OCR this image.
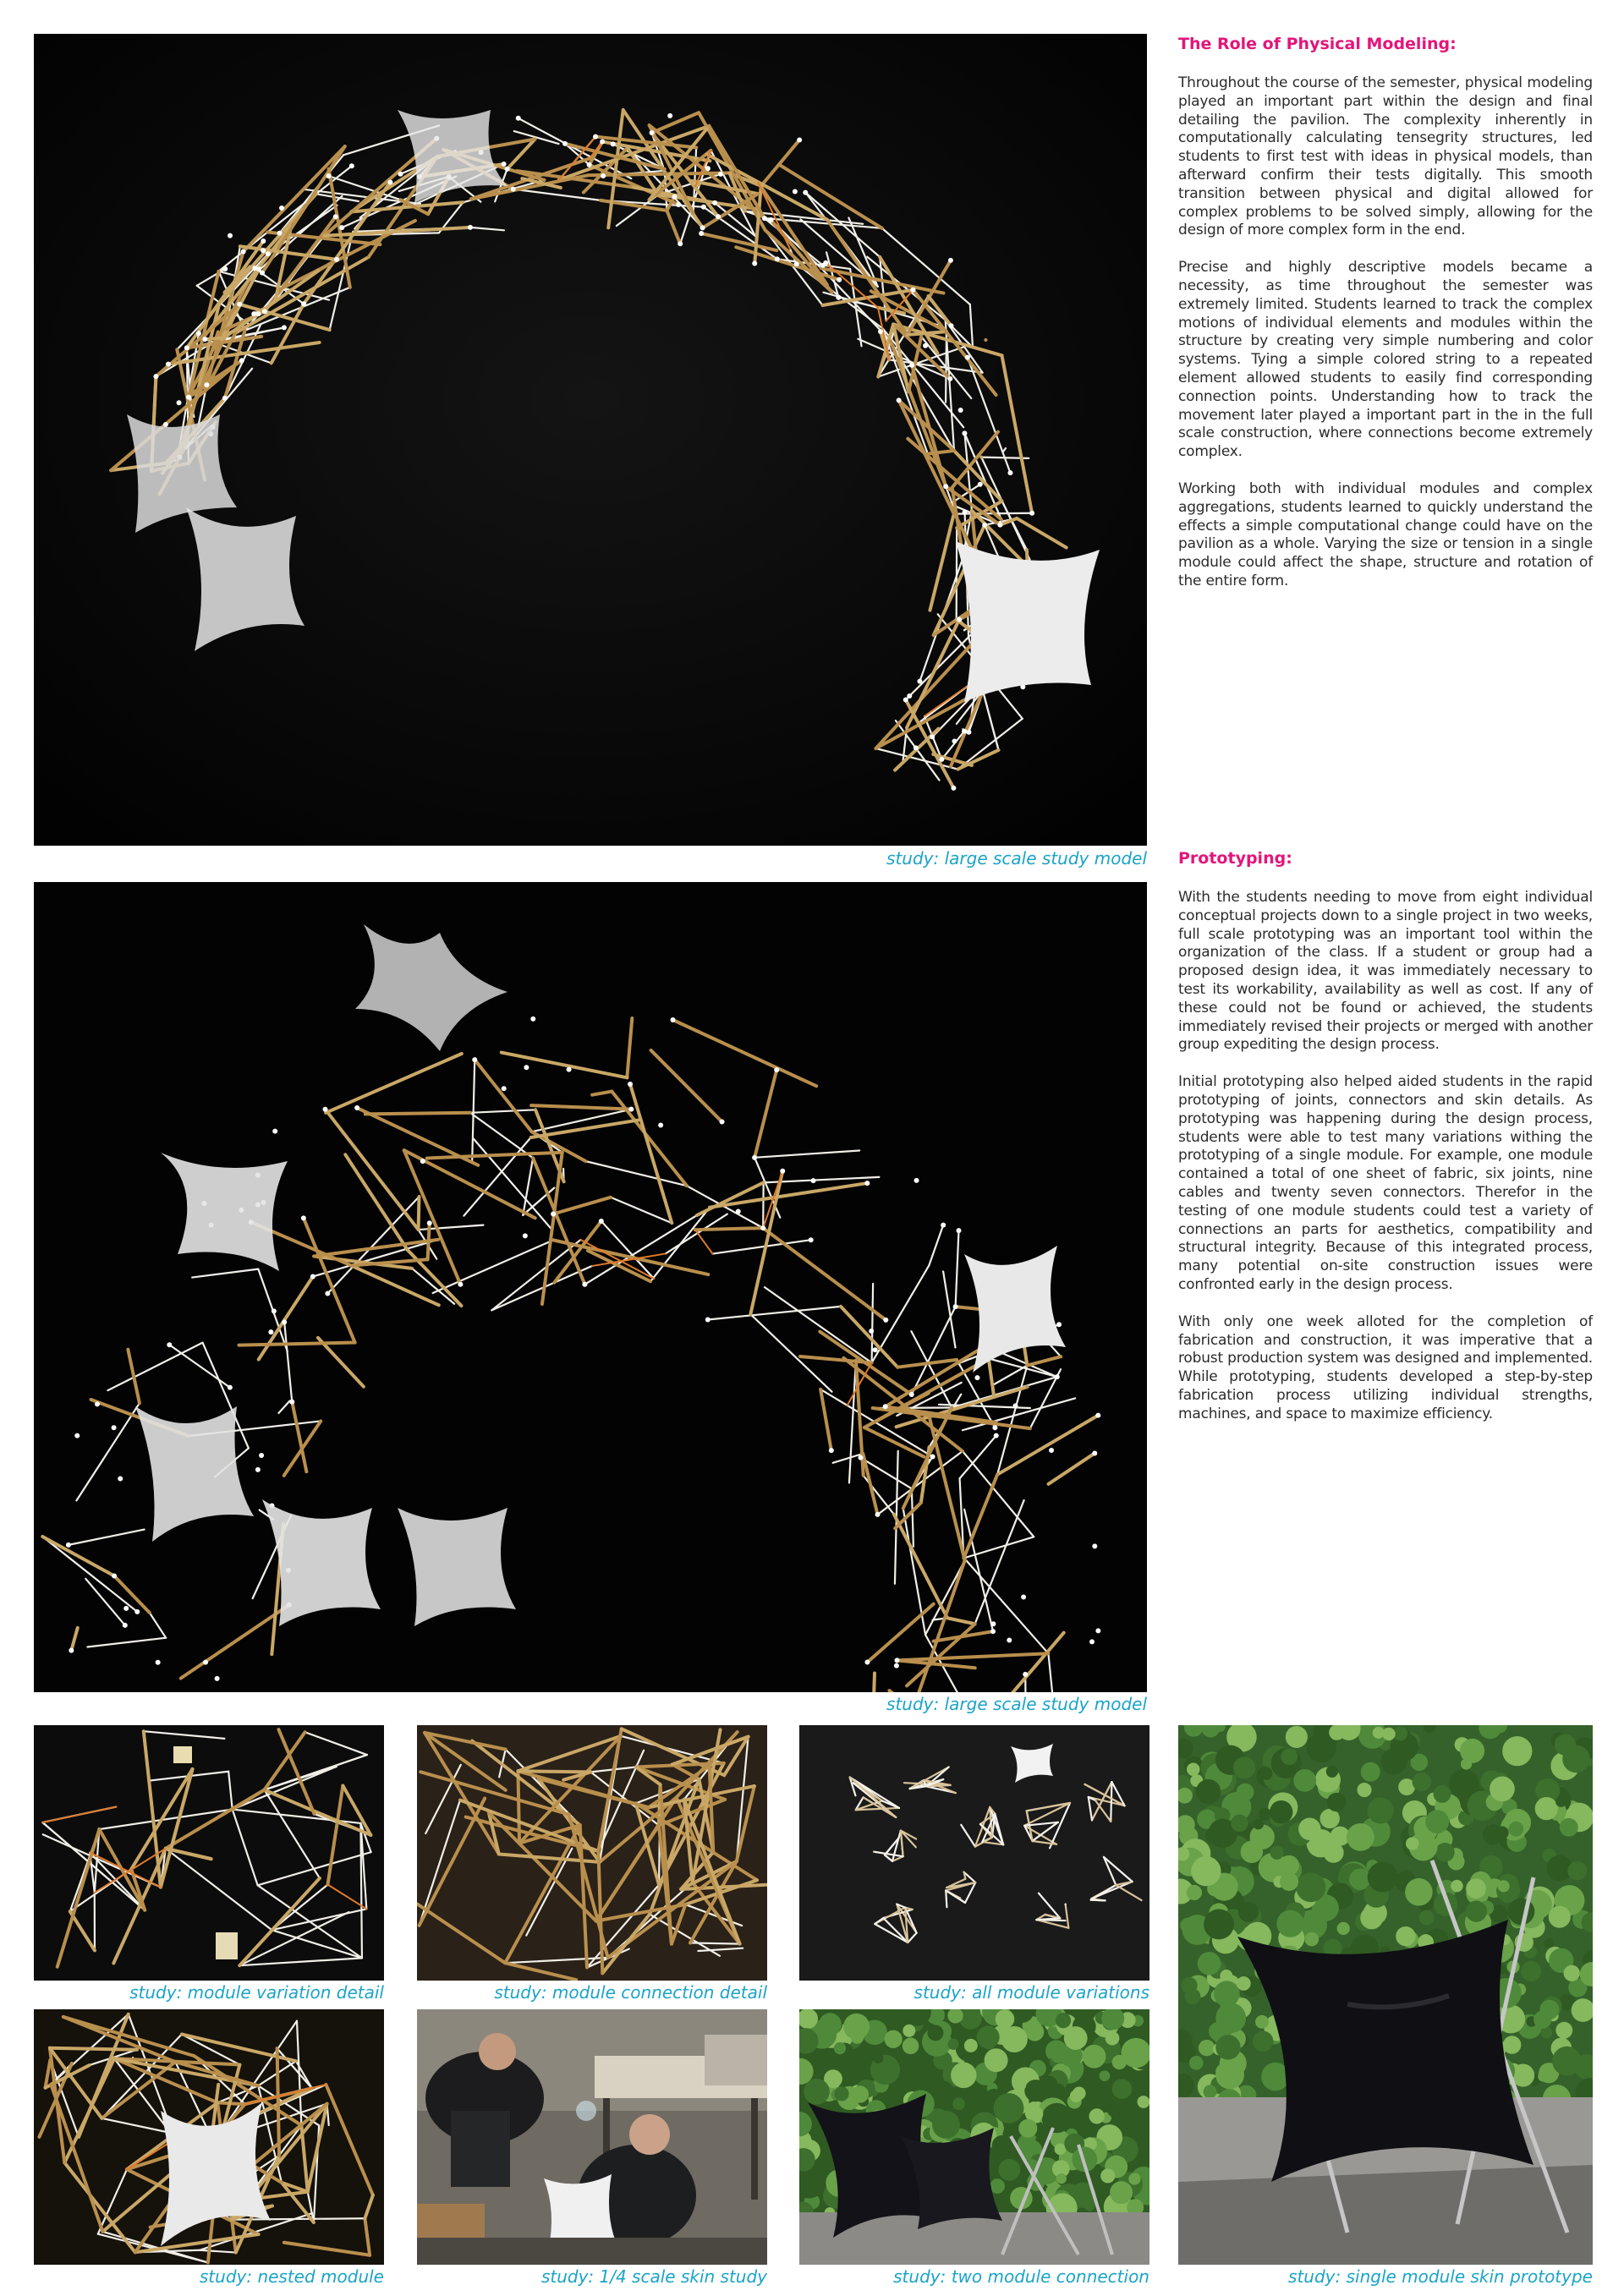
study: large scale study model
study: large scale study model
The Role of Physical Modeling:

Throughout the course of the semester, physical modeling played an important part within the design and final detailing the pavilion. The complexity inherently in computationally calculating tensegrity structures, led students to first test with ideas in physical models, than afterward confirm their tests digitally. This smooth transition between physical and digital allowed for complex problems to be solved simply, allowing for the design of more complex form in the end.

Precise and highly descriptive models became a necessity, as time throughout the semester was extremely limited. Students learned to track the complex motions of individual elements and modules within the structure by creating very simple numbering and color systems. Tying a simple colored string to a repeated element allowed students to easily find corresponding connection points. Understanding how to track the movement later played a important part in the in the full scale construction, where connections become extremely complex.

Working both with individual modules and complex aggregations, students learned to quickly understand the effects a simple computational change could have on the pavilion as a whole. Varying the size or tension in a single module could affect the shape, structure and rotation of the entire form.

Prototyping:

With the students needing to move from eight individual conceptual projects down to a single project in two weeks, full scale prototyping was an important tool within the organization of the class. If a student or group had a proposed design idea, it was immediately necessary to test its workability, availability as well as cost. If any of these could not be found or achieved, the students immediately revised their projects or merged with another group expediting the design process.

Initial prototyping also helped aided students in the rapid prototyping of joints, connectors and skin details. As prototyping was happening during the design process, students were able to test many variations withing the prototyping of a single module. For example, one module contained a total of one sheet of fabric, six joints, nine cables and twenty seven connectors. Therefor in the testing of one module students could test a variety of connections an parts for aesthetics, compatibility and structural integrity. Because of this integrated process, many potential on-site construction issues were confronted early in the design process.

With only one week alloted for the completion of fabrication and construction, it was imperative that a robust production system was designed and implemented. While prototyping, students developed a step-by-step fabrication process utilizing individual strengths, machines, and space to maximize efficiency.

study: module variation detail	study: module connection detail	study: all module variations
study: nested module	study: 1/4 scale skin study	study: two module connection	study: single module skin prototype
